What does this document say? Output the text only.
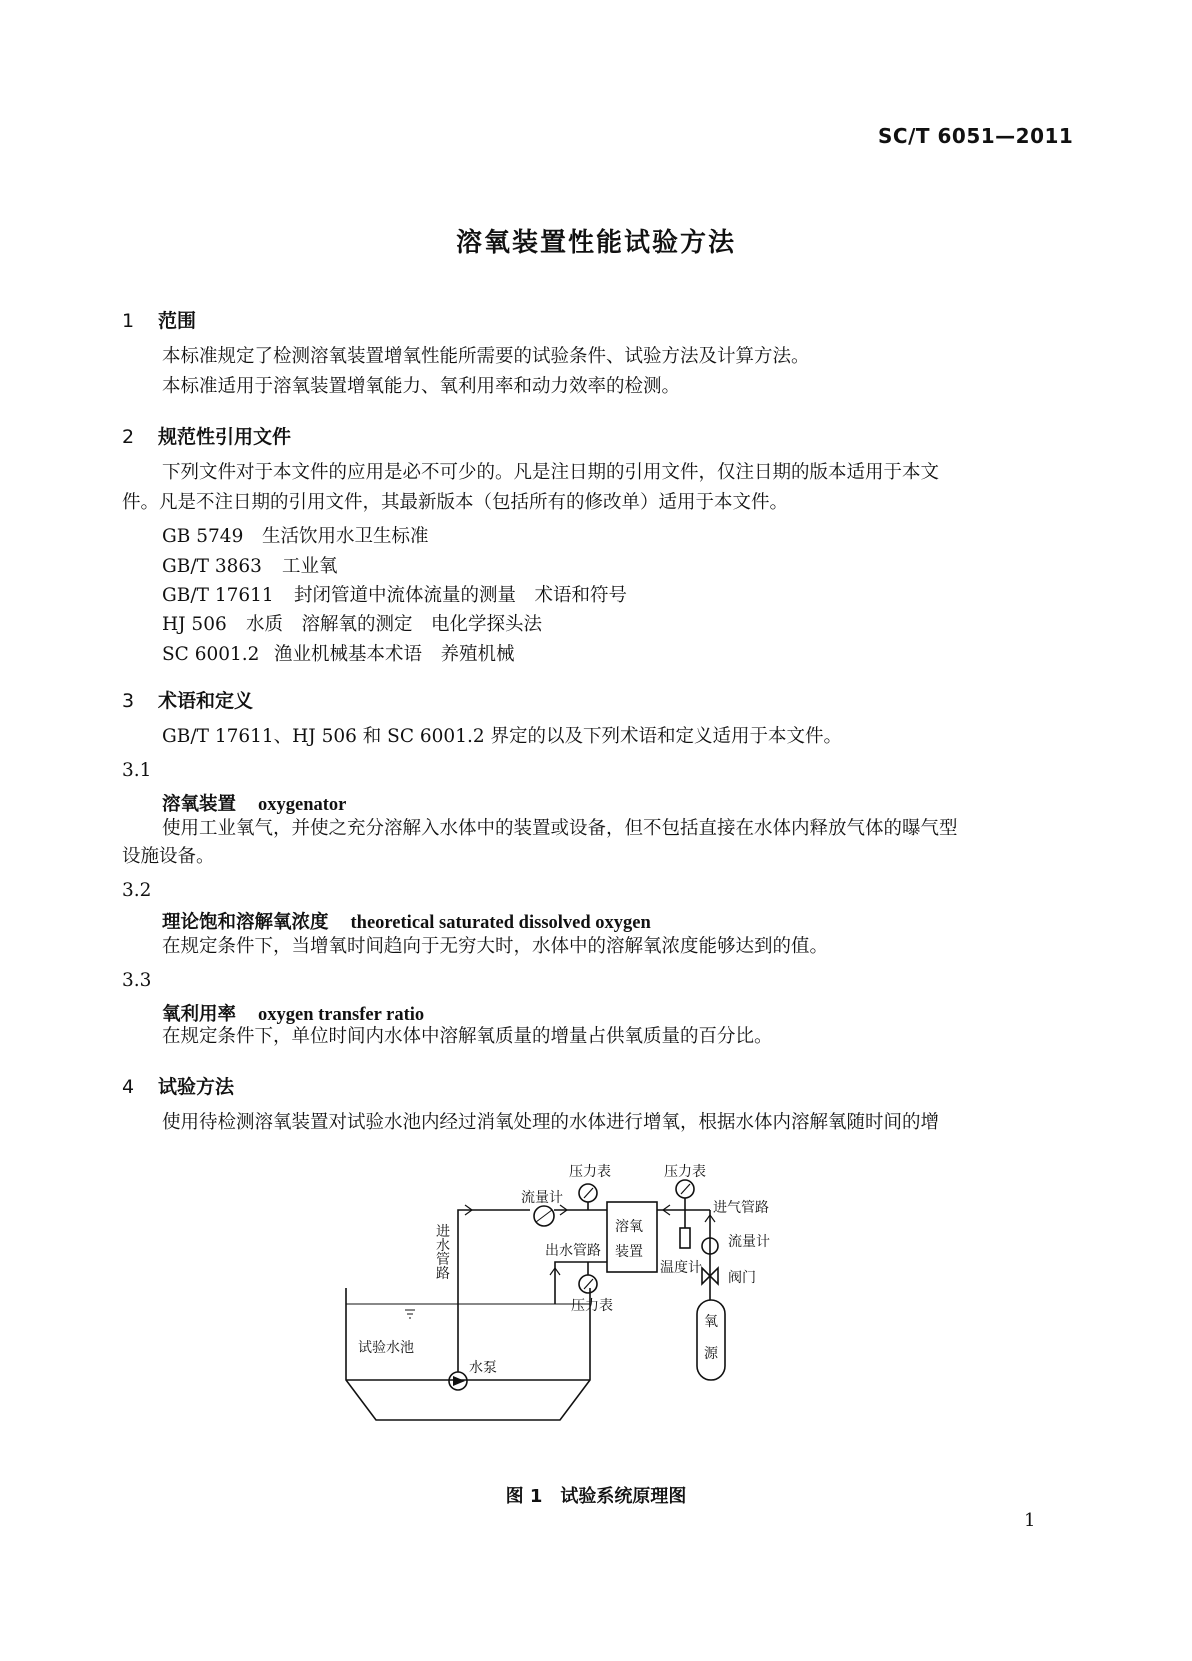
SC/T 6051—2011
溶氧装置性能试验方法
1 范围
本标准规定了检测溶氧装置增氧性能所需要的试验条件、试验方法及计算方法。
本标准适用于溶氧装置增氧能力、氧利用率和动力效率的检测。
2 规范性引用文件
下列文件对于本文件的应用是必不可少的。凡是注日期的引用文件，仅注日期的版本适用于本文
件。凡是不注日期的引用文件，其最新版本（包括所有的修改单）适用于本文件。
GB 5749 生活饮用水卫生标准
GB/T 3863 工业氧
GB/T 17611 封闭管道中流体流量的测量　术语和符号
HJ 506 水质　溶解氧的测定　电化学探头法
SC 6001.2 渔业机械基本术语　养殖机械
3 术语和定义
GB/T 17611、HJ 506 和 SC 6001.2 界定的以及下列术语和定义适用于本文件。
3.1
溶氧装置 oxygenator
使用工业氧气，并使之充分溶解入水体中的装置或设备，但不包括直接在水体内释放气体的曝气型
设施设备。
3.2
理论饱和溶解氧浓度 theoretical saturated dissolved oxygen
在规定条件下，当增氧时间趋向于无穷大时，水体中的溶解氧浓度能够达到的值。
3.3
氧利用率 oxygen transfer ratio
在规定条件下，单位时间内水体中溶解氧质量的增量占供氧质量的百分比。
4 试验方法
使用待检测溶氧装置对试验水池内经过消氧处理的水体进行增氧，根据水体内溶解氧随时间的增
压力表	压力表
流量计
溶氧
装置
进
水
管
路
出水管路
压力表
进气管路
流量计
温度计
阀门
氧
源
试验水池
水泵
图 1　试验系统原理图
1
